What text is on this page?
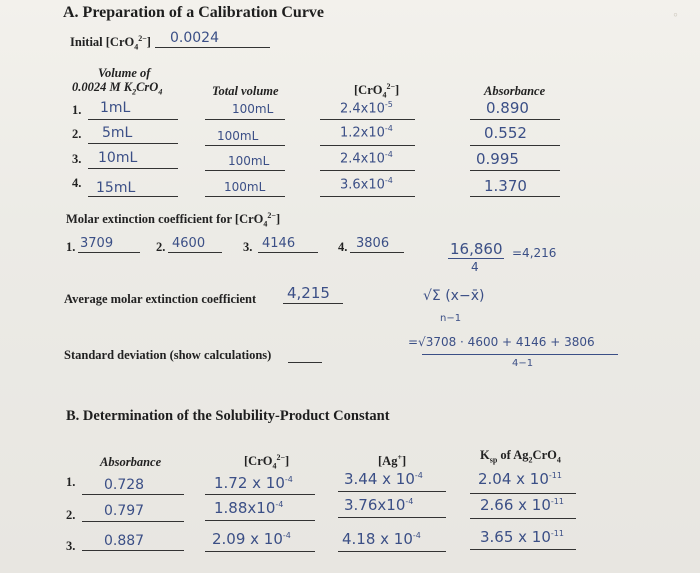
◦
A. Preparation of a Calibration Curve
Initial [CrO$_4^{2-}$] 0.0024
Volume of
0.0024 M $K_2CrO_4$	Total volume	[CrO$_4^{2-}$]	Absorbance
1. 1mL	100mL	$2.4x10^{-5}$	0.890
2. 5mL	100mL	$1.2x10^{-4}$	0.552
3. 10mL	100mL	$2.4x10^{-4}$	0.995
4. 15mL	100mL	$3.6x10^{-4}$	1.370
Molar extinction coefficient for [CrO$_4^{2-}$]
1. 3709	2. 4600	3. 4146	4. 3806	16,860
4
=4,216
Average molar extinction coefficient 4,215	√Σ (x−x̄)
n−1
Standard deviation (show calculations)
=√3708 · 4600 + 4146 + 3806
4−1
B. Determination of the Solubility-Product Constant
Absorbance	[CrO$_4^{2-}$]	[Ag+]	$K_{sp}$ of $Ag_2CrO_4$
1. 0.728	1.72 x $10^{-4}$	3.44 x $10^{-4}$	2.04 x $10^{-11}$
2. 0.797	$1.88x10^{-4}$	$3.76x10^{-4}$	2.66 x $10^{-11}$
3. 0.887	2.09 x $10^{-4}$	4.18 x $10^{-4}$	3.65 x $10^{-11}$
